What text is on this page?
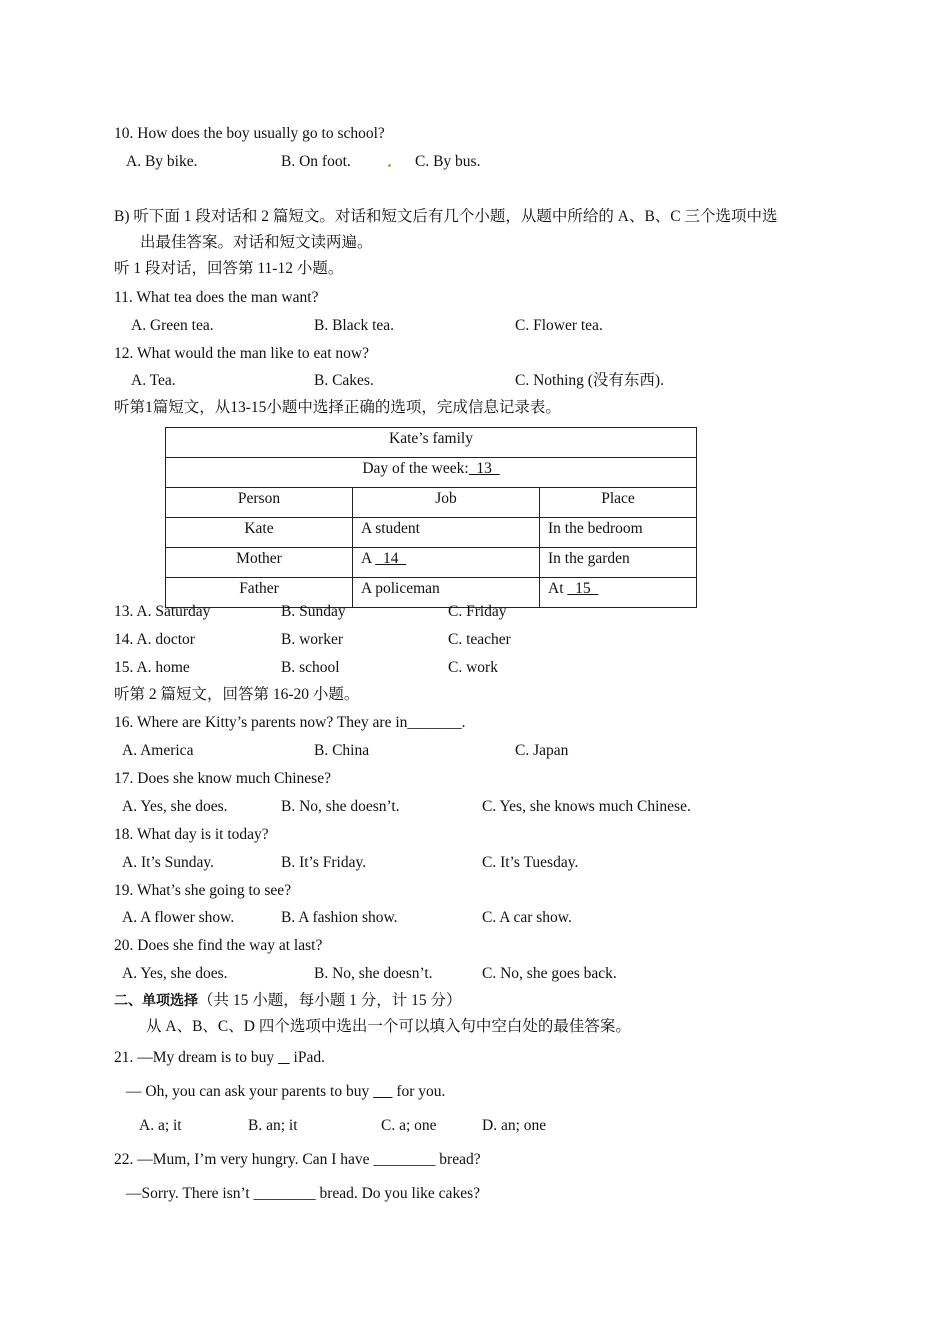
10. How does the boy usually go to school?
A. By bike.	B. On foot.	C. By bus.
B) 听下面 1 段对话和 2 篇短文。对话和短文后有几个小题，从题中所给的 A、B、C 三个选项中选
出最佳答案。对话和短文读两遍。
听 1 段对话，回答第 11-12 小题。
11. What tea does the man want?
A. Green tea.	B. Black tea.	C. Flower tea.
12. What would the man like to eat now?
A. Tea.	B. Cakes.	C. Nothing (没有东西).
听第1篇短文，从13-15小题中选择正确的选项，完成信息记录表。
Kate’s family		
Day of the week:  13		
Person	Job	Place
Kate	A student	In the bedroom
Mother	A   14	In the garden
Father	A policeman	At   15
13. A. Saturday	B. Sunday	C. Friday
14. A. doctor	B. worker	C. teacher
15. A. home	B. school	C. work
听第 2 篇短文，回答第 16-20 小题。
16. Where are Kitty’s parents now? They are in_______.
A. America	B. China	C. Japan
17. Does she know much Chinese?
A. Yes, she does.	B. No, she doesn’t.	C. Yes, she knows much Chinese.
18. What day is it today?
A. It’s Sunday.	B. It’s Friday.	C. It’s Tuesday.
19. What’s she going to see?
A. A flower show.	B. A fashion show.	C. A car show.
20. Does she find the way at last?
A. Yes, she does.	B. No, she doesn’t.	C. No, she goes back.
二、单项选择（共 15 小题，每小题 1 分，计 15 分）
从 A、B、C、D 四个选项中选出一个可以填入句中空白处的最佳答案。
21. —My dream is to buy     iPad.
— Oh, you can ask your parents to buy       for you.
A. a; it	B. an; it	C. a; one	D. an; one
22. —Mum, I’m very hungry. Can I have ________ bread?
—Sorry. There isn’t ________ bread. Do you like cakes?
